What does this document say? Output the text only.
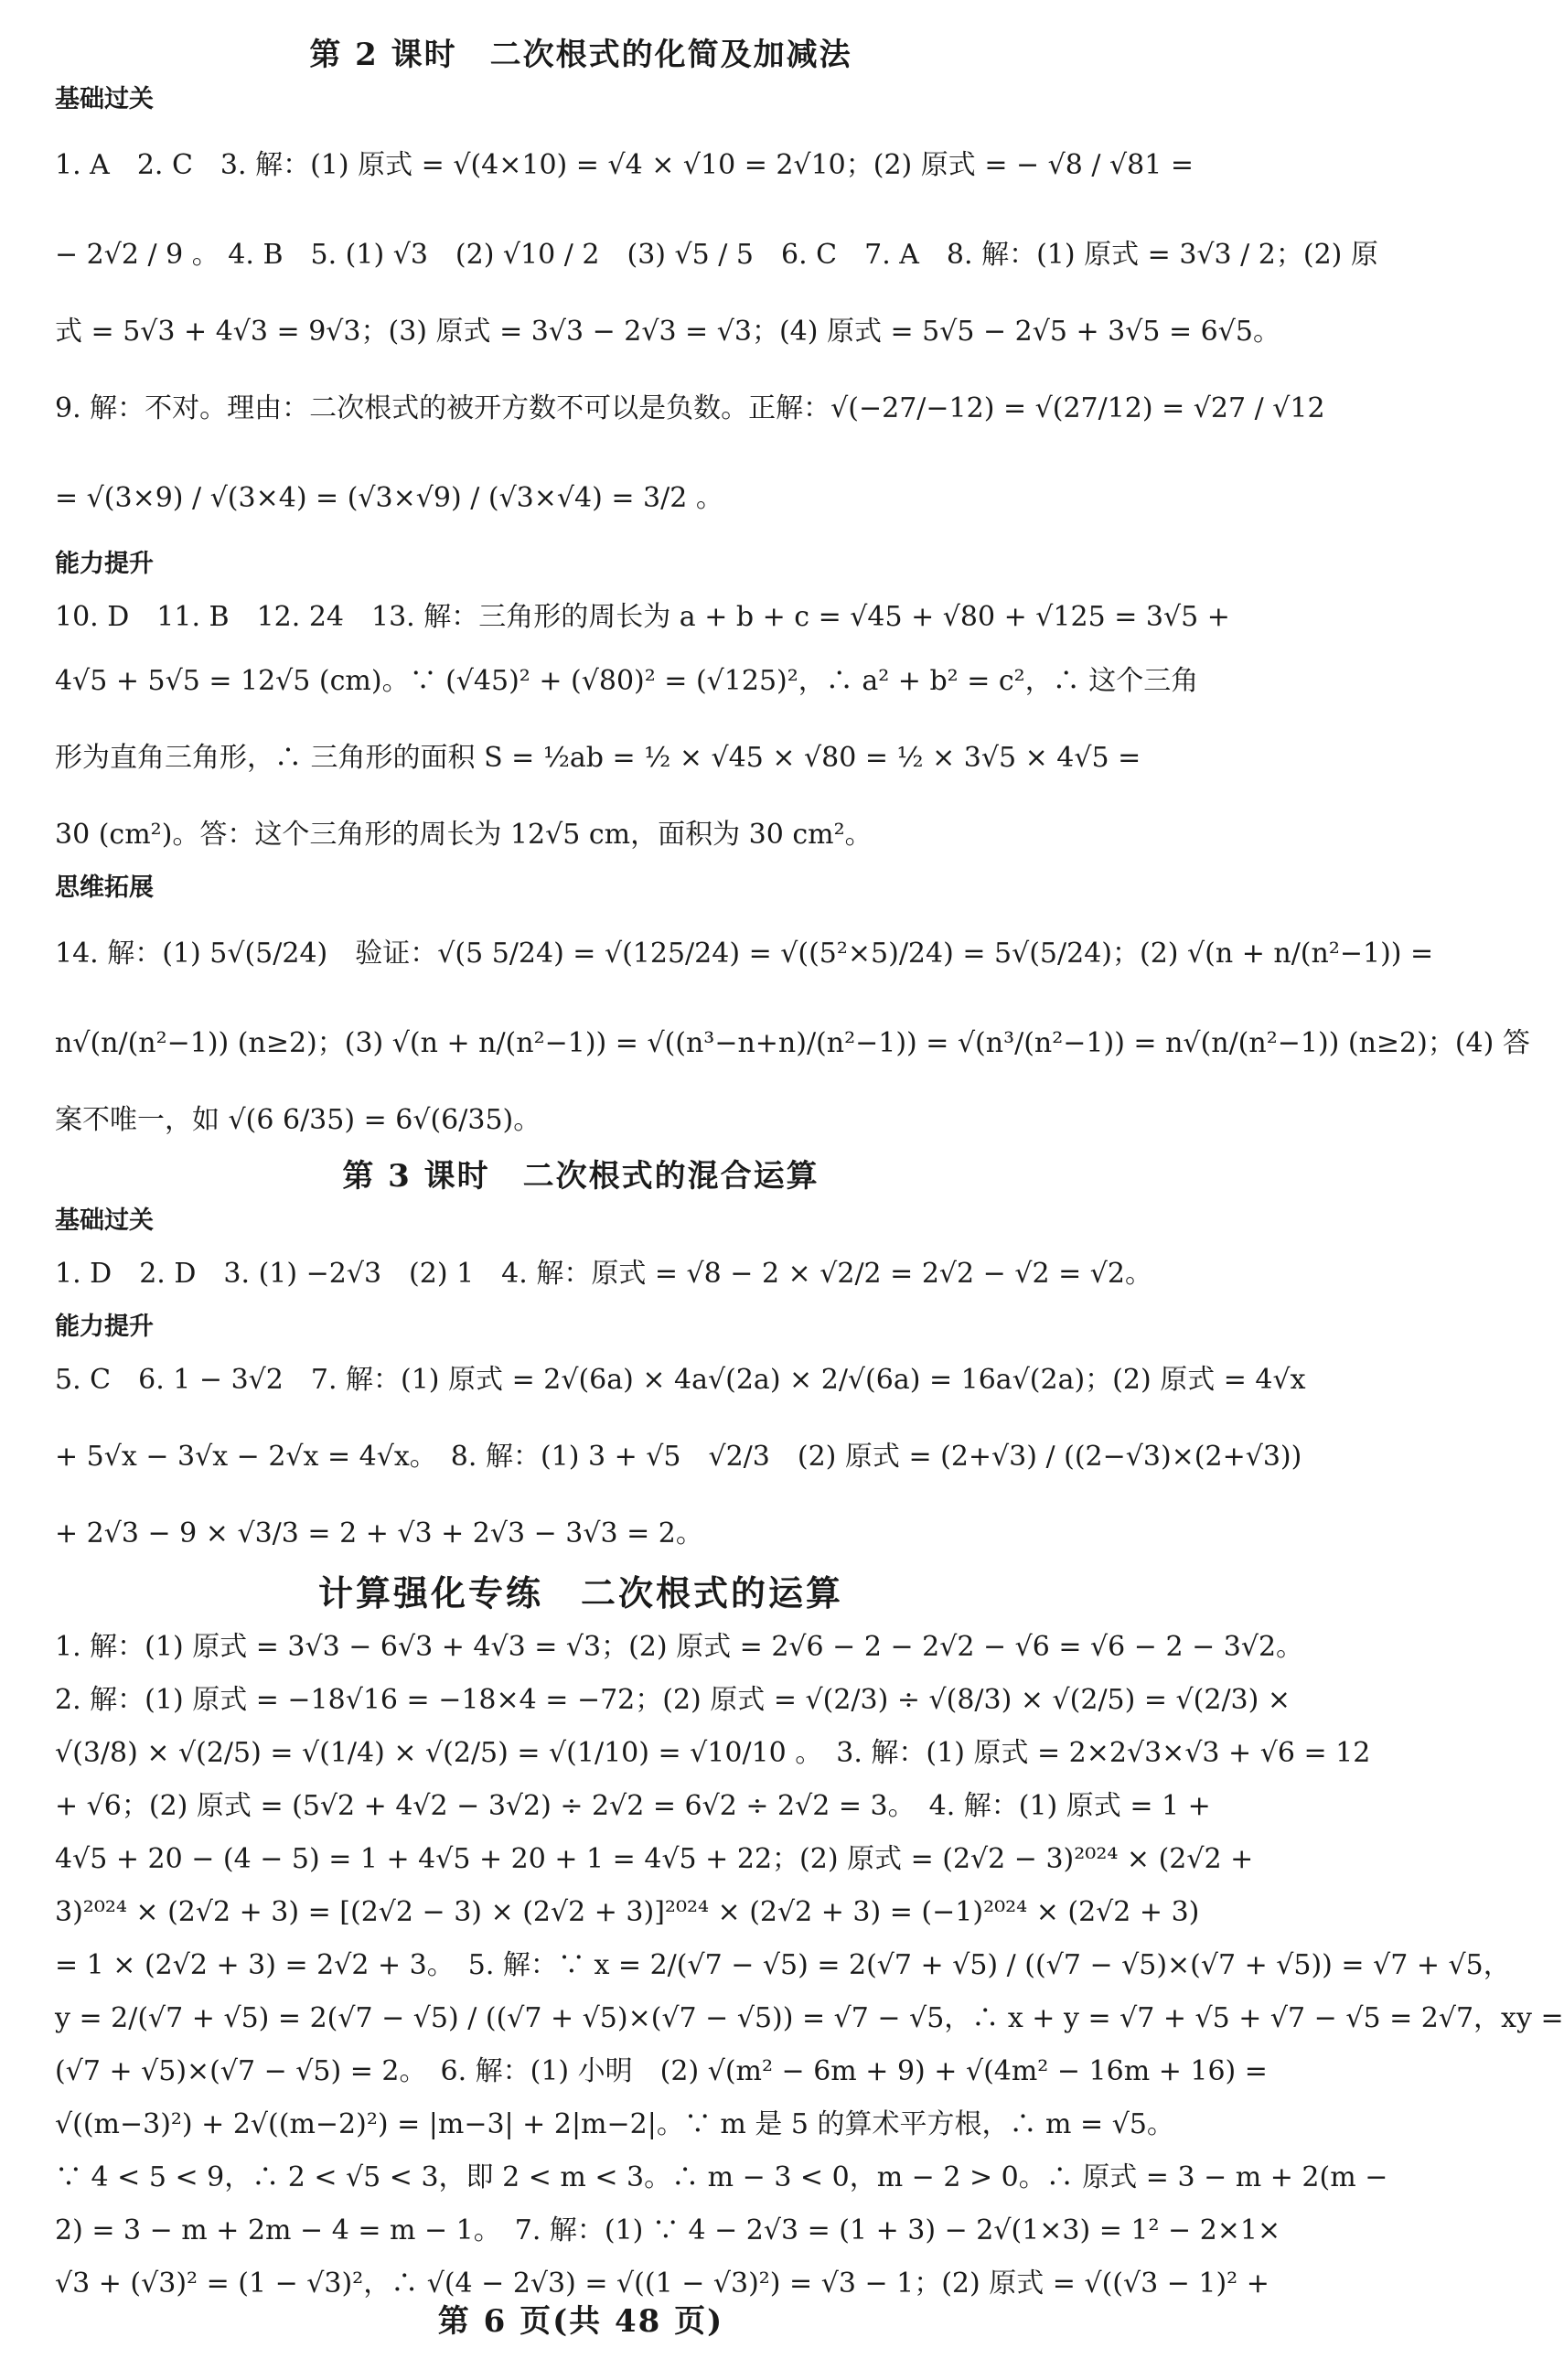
第 2 课时　二次根式的化简及加减法
基础过关

1. A　2. C　3. 解：(1) 原式 = √(4×10) = √4 × √10 = 2√10；(2) 原式 = − √8 / √81 =

− 2√2 / 9 。 4. B　5. (1) √3　(2) √10 / 2　(3) √5 / 5　6. C　7. A　8. 解：(1) 原式 = 3√3 / 2；(2) 原

式 = 5√3 + 4√3 = 9√3；(3) 原式 = 3√3 − 2√3 = √3；(4) 原式 = 5√5 − 2√5 + 3√5 = 6√5。

9. 解：不对。理由：二次根式的被开方数不可以是负数。正解：√(−27/−12) = √(27/12) = √27 / √12

= √(3×9) / √(3×4) = (√3×√9) / (√3×√4) = 3/2 。

能力提升

10. D　11. B　12. 24　13. 解：三角形的周长为 a + b + c = √45 + √80 + √125 = 3√5 +

4√5 + 5√5 = 12√5 (cm)。∵ (√45)² + (√80)² = (√125)²，∴ a² + b² = c²，∴ 这个三角

形为直角三角形，∴ 三角形的面积 S = ½ab = ½ × √45 × √80 = ½ × 3√5 × 4√5 =

30 (cm²)。答：这个三角形的周长为 12√5 cm，面积为 30 cm²。

思维拓展

14. 解：(1) 5√(5/24)　验证：√(5 5/24) = √(125/24) = √((5²×5)/24) = 5√(5/24)；(2) √(n + n/(n²−1)) =

n√(n/(n²−1)) (n≥2)；(3) √(n + n/(n²−1)) = √((n³−n+n)/(n²−1)) = √(n³/(n²−1)) = n√(n/(n²−1)) (n≥2)；(4) 答

案不唯一，如 √(6 6/35) = 6√(6/35)。

第 3 课时　二次根式的混合运算
基础过关

1. D　2. D　3. (1) −2√3　(2) 1　4. 解：原式 = √8 − 2 × √2/2 = 2√2 − √2 = √2。

能力提升

5. C　6. 1 − 3√2　7. 解：(1) 原式 = 2√(6a) × 4a√(2a) × 2/√(6a) = 16a√(2a)；(2) 原式 = 4√x

+ 5√x − 3√x − 2√x = 4√x。　8. 解：(1) 3 + √5　√2/3　(2) 原式 = (2+√3) / ((2−√3)×(2+√3))

+ 2√3 − 9 × √3/3 = 2 + √3 + 2√3 − 3√3 = 2。

计算强化专练　二次根式的运算

1. 解：(1) 原式 = 3√3 − 6√3 + 4√3 = √3；(2) 原式 = 2√6 − 2 − 2√2 − √6 = √6 − 2 − 3√2。

2. 解：(1) 原式 = −18√16 = −18×4 = −72；(2) 原式 = √(2/3) ÷ √(8/3) × √(2/5) = √(2/3) ×

√(3/8) × √(2/5) = √(1/4) × √(2/5) = √(1/10) = √10/10 。　3. 解：(1) 原式 = 2×2√3×√3 + √6 = 12

+ √6；(2) 原式 = (5√2 + 4√2 − 3√2) ÷ 2√2 = 6√2 ÷ 2√2 = 3。　4. 解：(1) 原式 = 1 +

4√5 + 20 − (4 − 5) = 1 + 4√5 + 20 + 1 = 4√5 + 22；(2) 原式 = (2√2 − 3)²⁰²⁴ × (2√2 +

3)²⁰²⁴ × (2√2 + 3) = [(2√2 − 3) × (2√2 + 3)]²⁰²⁴ × (2√2 + 3) = (−1)²⁰²⁴ × (2√2 + 3)

= 1 × (2√2 + 3) = 2√2 + 3。　5. 解：∵ x = 2/(√7 − √5) = 2(√7 + √5) / ((√7 − √5)×(√7 + √5)) = √7 + √5，

y = 2/(√7 + √5) = 2(√7 − √5) / ((√7 + √5)×(√7 − √5)) = √7 − √5，∴ x + y = √7 + √5 + √7 − √5 = 2√7，xy =

(√7 + √5)×(√7 − √5) = 2。　6. 解：(1) 小明　(2) √(m² − 6m + 9) + √(4m² − 16m + 16) =

√((m−3)²) + 2√((m−2)²) = |m−3| + 2|m−2|。∵ m 是 5 的算术平方根，∴ m = √5。

∵ 4 < 5 < 9，∴ 2 < √5 < 3，即 2 < m < 3。∴ m − 3 < 0，m − 2 > 0。∴ 原式 = 3 − m + 2(m −

2) = 3 − m + 2m − 4 = m − 1。　7. 解：(1) ∵ 4 − 2√3 = (1 + 3) − 2√(1×3) = 1² − 2×1×

√3 + (√3)² = (1 − √3)²，∴ √(4 − 2√3) = √((1 − √3)²) = √3 − 1；(2) 原式 = √((√3 − 1)² +

第 6 页(共 48 页)
